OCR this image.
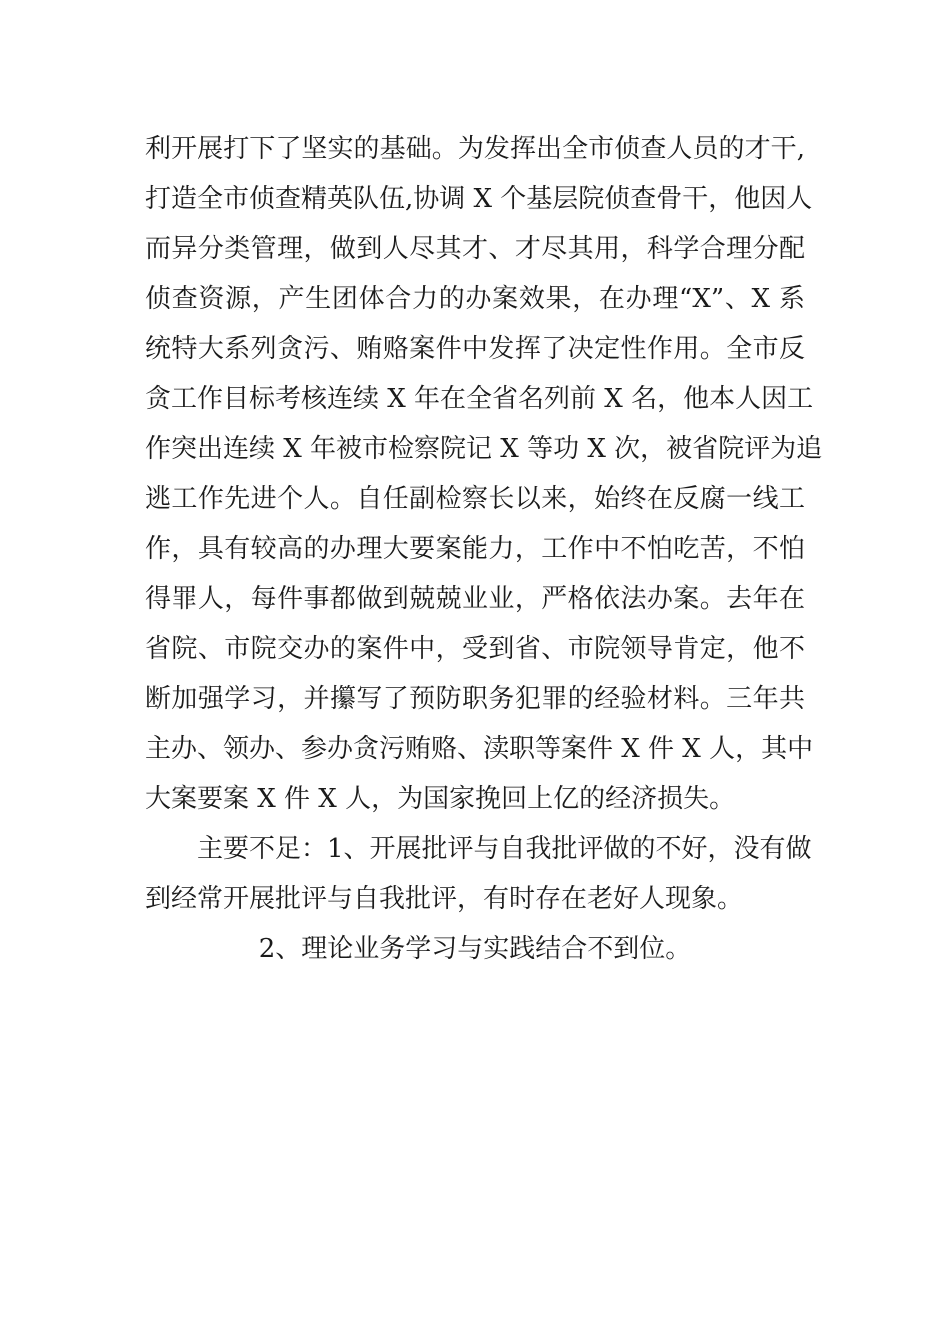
利开展打下了坚实的基础。为发挥出全市侦查人员的才干,
打造全市侦查精英队伍,协调 X 个基层院侦查骨干，他因人
而异分类管理，做到人尽其才、才尽其用，科学合理分配
侦查资源，产生团体合力的办案效果，在办理“X”、X 系
统特大系列贪污、贿赂案件中发挥了决定性作用。全市反
贪工作目标考核连续 X 年在全省名列前 X 名，他本人因工
作突出连续 X 年被市检察院记 X 等功 X 次，被省院评为追
逃工作先进个人。自任副检察长以来，始终在反腐一线工
作，具有较高的办理大要案能力，工作中不怕吃苦，不怕
得罪人，每件事都做到兢兢业业，严格依法办案。去年在
省院、市院交办的案件中，受到省、市院领导肯定，他不
断加强学习，并攥写了预防职务犯罪的经验材料。三年共
主办、领办、参办贪污贿赂、渎职等案件 X 件 X 人，其中
大案要案 X 件 X 人，为国家挽回上亿的经济损失。
主要不足：1、开展批评与自我批评做的不好，没有做
到经常开展批评与自我批评，有时存在老好人现象。
2、理论业务学习与实践结合不到位。
